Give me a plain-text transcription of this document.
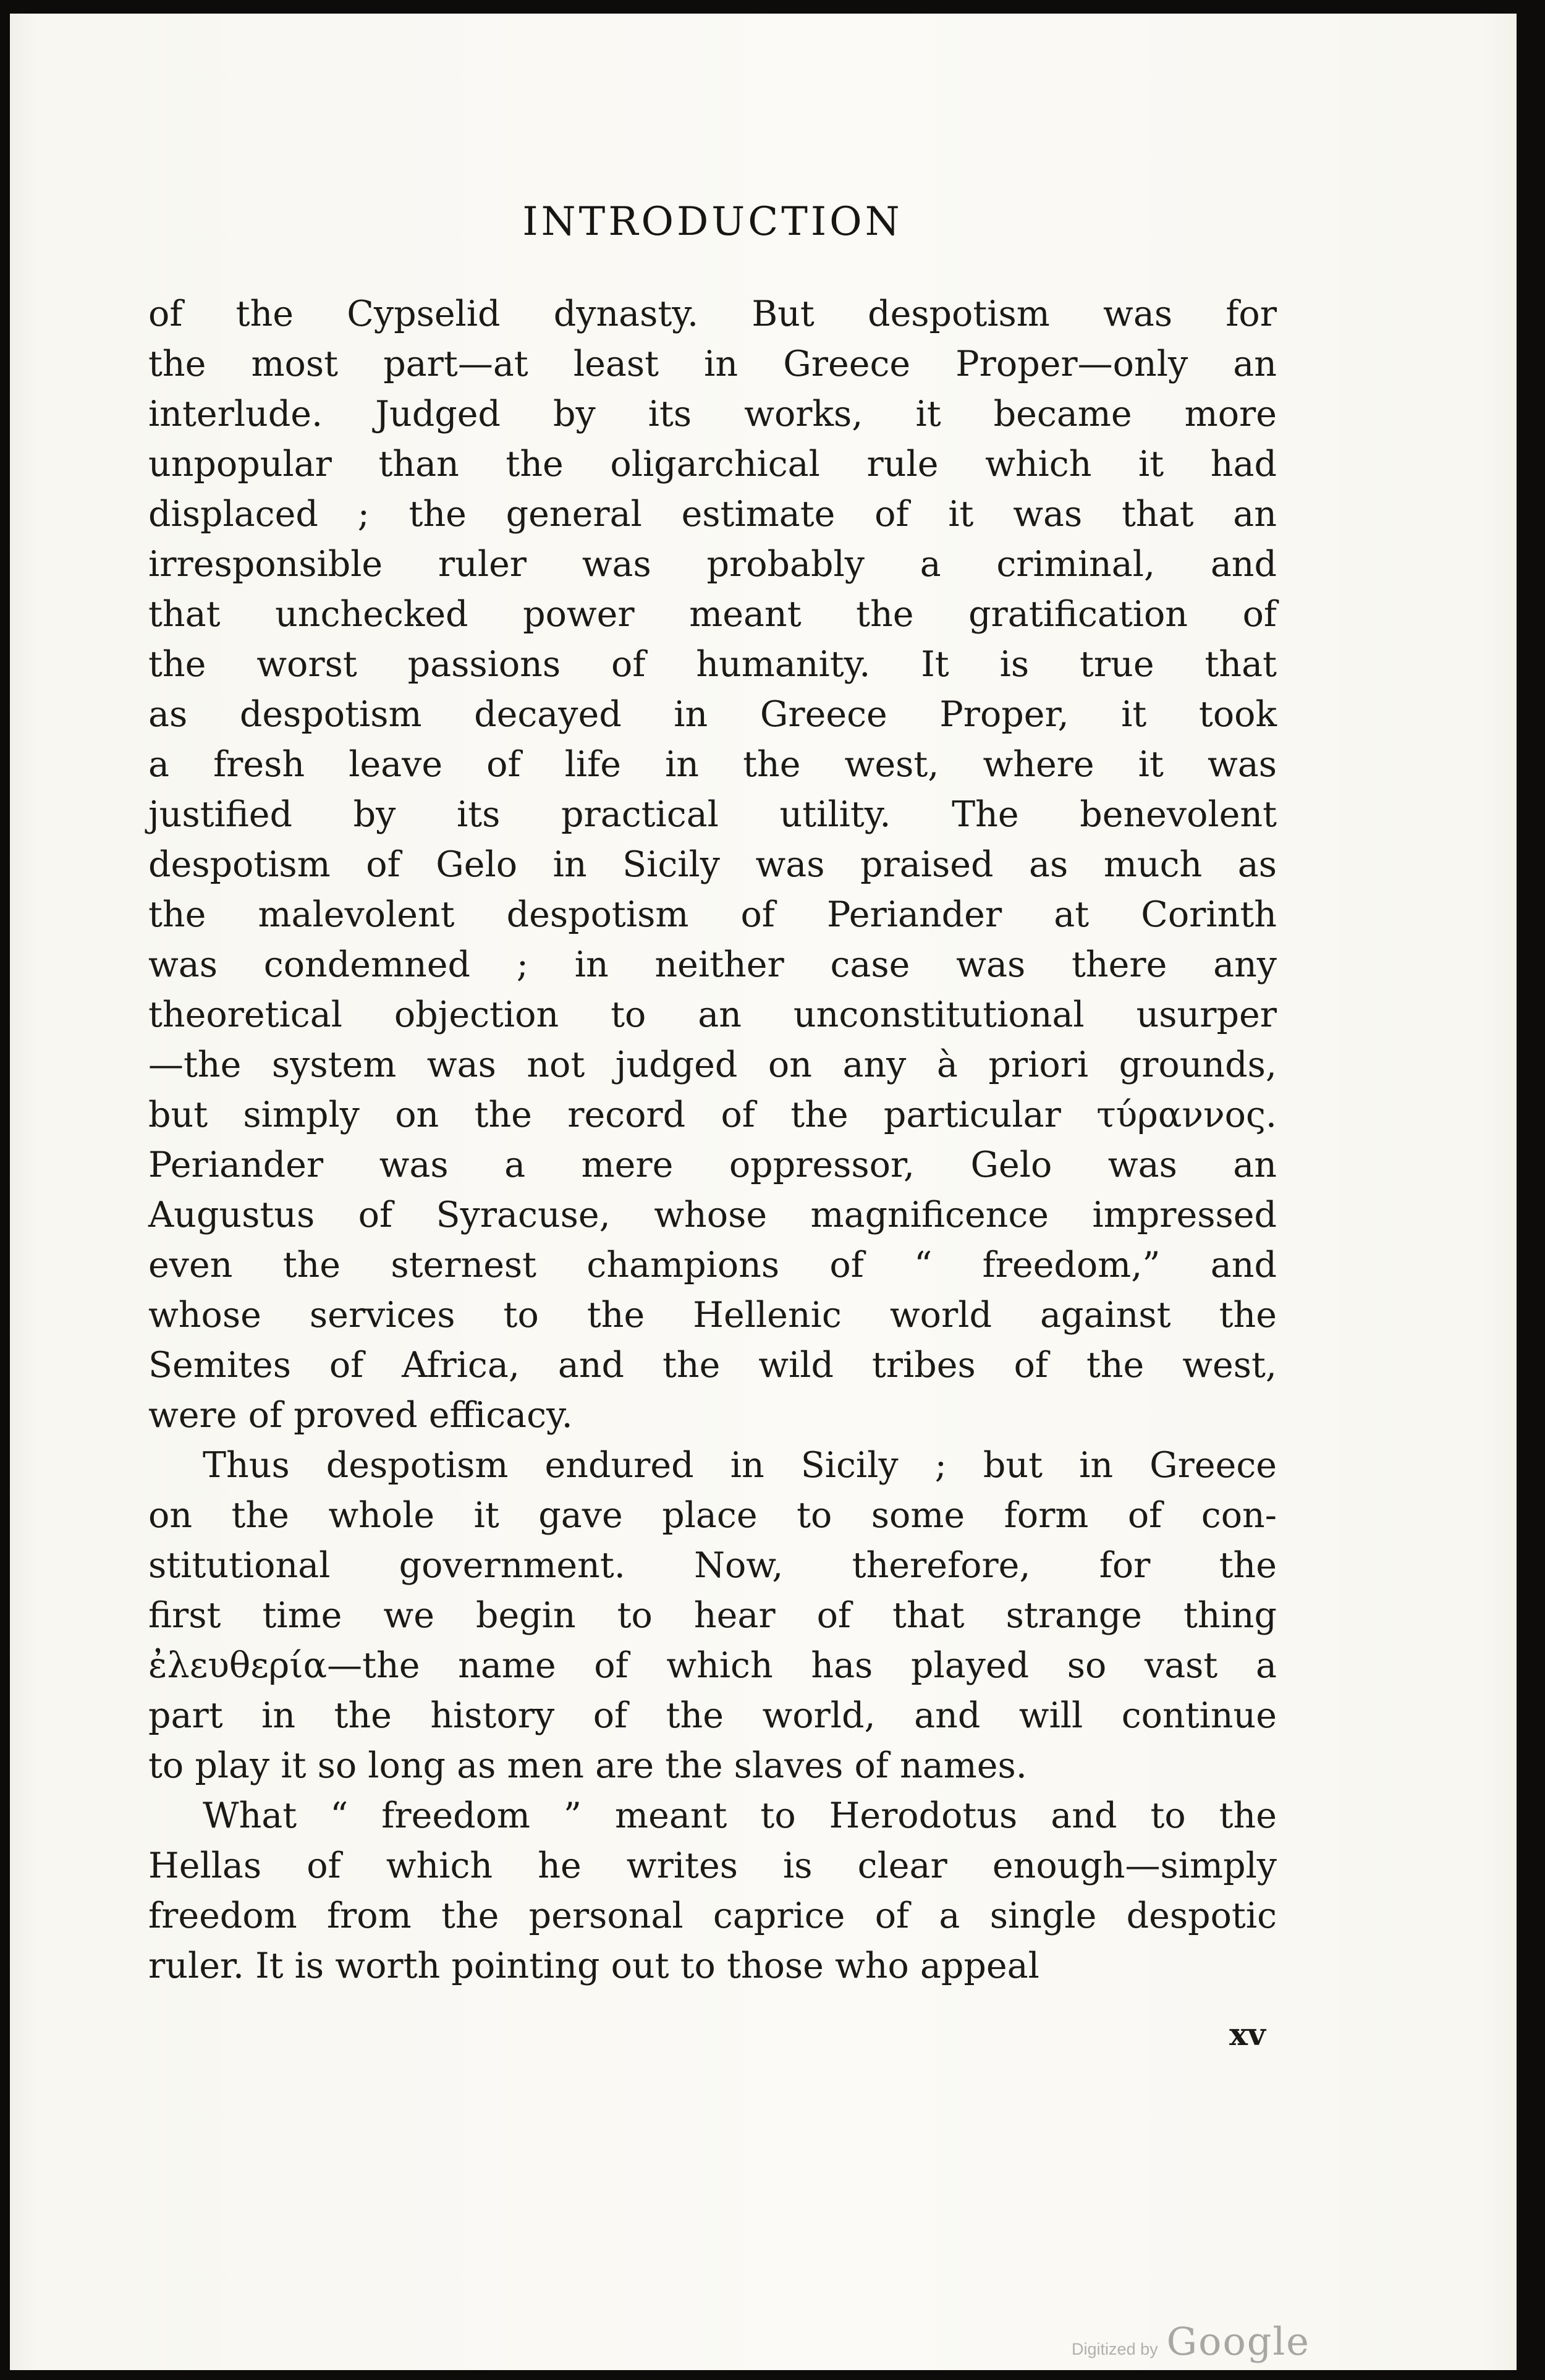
INTRODUCTION
of the Cypselid dynasty. But despotism was for
the most part—at least in Greece Proper—only an
interlude. Judged by its works, it became more
unpopular than the oligarchical rule which it had
displaced ; the general estimate of it was that an
irresponsible ruler was probably a criminal, and
that unchecked power meant the gratification of
the worst passions of humanity. It is true that
as despotism decayed in Greece Proper, it took
a fresh leave of life in the west, where it was
justified by its practical utility. The benevolent
despotism of Gelo in Sicily was praised as much as
the malevolent despotism of Periander at Corinth
was condemned ; in neither case was there any
theoretical objection to an unconstitutional usurper
—the system was not judged on any à priori grounds,
but simply on the record of the particular τύραννος.
Periander was a mere oppressor, Gelo was an
Augustus of Syracuse, whose magnificence impressed
even the sternest champions of “ freedom,” and
whose services to the Hellenic world against the
Semites of Africa, and the wild tribes of the west,
were of proved efficacy.
Thus despotism endured in Sicily ; but in Greece
on the whole it gave place to some form of con-
stitutional government. Now, therefore, for the
first time we begin to hear of that strange thing
ἐλευθερία—the name of which has played so vast a
part in the history of the world, and will continue
to play it so long as men are the slaves of names.
What “ freedom ” meant to Herodotus and to the
Hellas of which he writes is clear enough—simply
freedom from the personal caprice of a single despotic
ruler. It is worth pointing out to those who appeal
xv
Digitized by Google
